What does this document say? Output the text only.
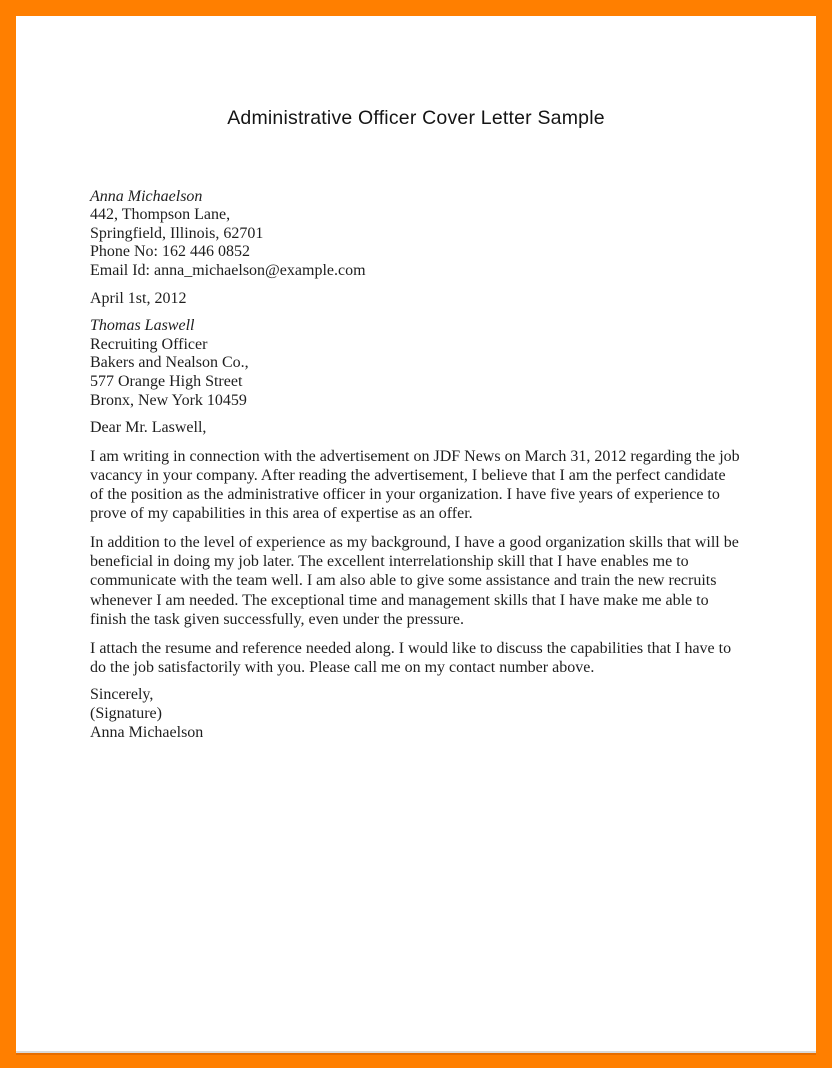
Administrative Officer Cover Letter Sample
Anna Michaelson
442, Thompson Lane,
Springfield, Illinois, 62701
Phone No: 162 446 0852
Email Id: anna_michaelson@example.com
April 1st, 2012
Thomas Laswell
Recruiting Officer
Bakers and Nealson Co.,
577 Orange High Street
Bronx, New York 10459
Dear Mr. Laswell,

I am writing in connection with the advertisement on JDF News on March 31, 2012 regarding the job vacancy in your company. After reading the advertisement, I believe that I am the perfect candidate of the position as the administrative officer in your organization. I have five years of experience to prove of my capabilities in this area of expertise as an offer.

In addition to the level of experience as my background, I have a good organization skills that will be beneficial in doing my job later. The excellent interrelationship skill that I have enables me to communicate with the team well. I am also able to give some assistance and train the new recruits whenever I am needed. The exceptional time and management skills that I have make me able to finish the task given successfully, even under the pressure.

I attach the resume and reference needed along. I would like to discuss the capabilities that I have to do the job satisfactorily with you. Please call me on my contact number above.

Sincerely,
(Signature)
Anna Michaelson
